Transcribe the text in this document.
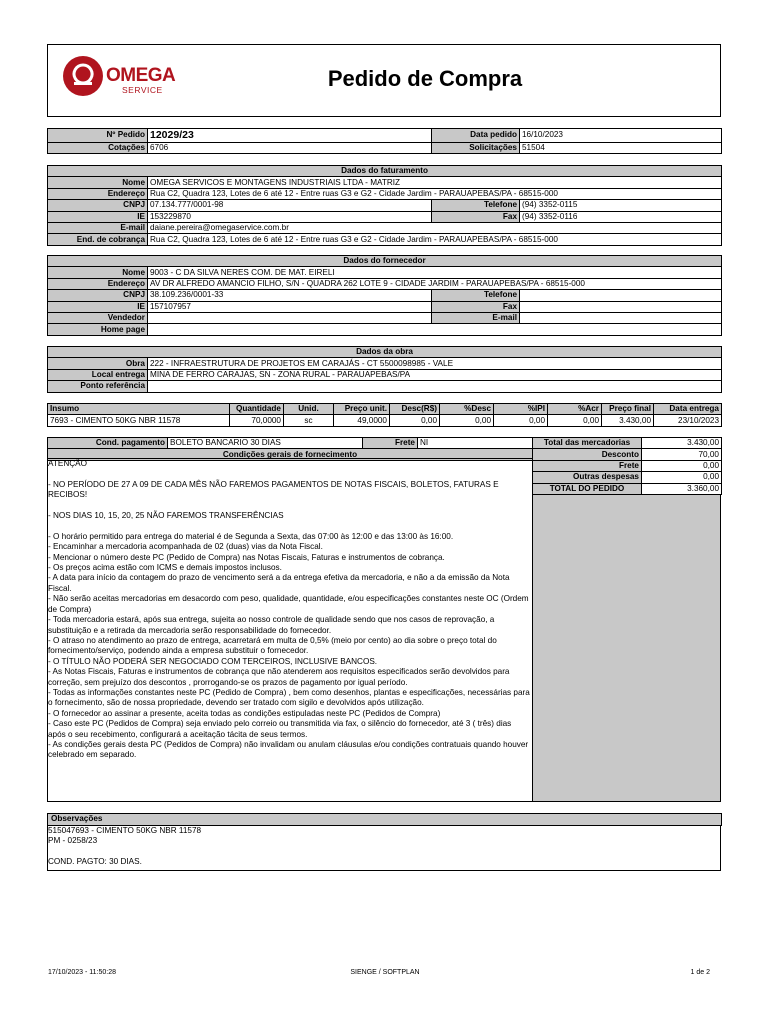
OMEGA
SERVICE	Pedido de Compra
Nº Pedido	12029/23	Data pedido	16/10/2023
Cotações	6706	Solicitações	51504
Dados do faturamento			
Nome	OMEGA SERVICOS E MONTAGENS INDUSTRIAIS LTDA - MATRIZ		
Endereço	Rua C2, Quadra 123, Lotes de 6 até 12 - Entre ruas G3 e G2 - Cidade Jardim - PARAUAPEBAS/PA - 68515-000		
CNPJ	07.134.777/0001-98	Telefone	(94) 3352-0115
IE	153229870	Fax	(94) 3352-0116
E-mail	daiane.pereira@omegaservice.com.br		
End. de cobrança	Rua C2, Quadra 123, Lotes de 6 até 12 - Entre ruas G3 e G2 - Cidade Jardim - PARAUAPEBAS/PA - 68515-000		
Dados do fornecedor			
Nome	9003 - C DA SILVA NERES COM. DE MAT. EIRELI		
Endereço	AV DR ALFREDO AMANCIO FILHO, S/N - QUADRA 262 LOTE 9 - CIDADE JARDIM - PARAUAPEBAS/PA - 68515-000		
CNPJ	38.109.236/0001-33	Telefone	
IE	157107957	Fax	
Vendedor		E-mail	
Home page			
Dados da obra	
Obra	222 - INFRAESTRUTURA DE PROJETOS EM CARAJÁS - CT 5500098985 - VALE
Local entrega	MINA DE FERRO CARAJAS, SN - ZONA RURAL - PARAUAPEBAS/PA
Ponto referência	
Insumo	Quantidade	Unid.	Preço unit.	Desc(R$)	%Desc	%IPI	%Acr	Preço final	Data entrega
7693 - CIMENTO 50KG NBR 11578	70,0000	sc	49,0000	0,00	0,00	0,00	0,00	3.430,00	23/10/2023
Cond. pagamento	BOLETO BANCARIO 30 DIAS	Frete	NI
Condições gerais de fornecimento

ATENÇÃO

- NO PERÍODO DE 27 A 09 DE CADA MÊS NÃO FAREMOS PAGAMENTOS DE NOTAS FISCAIS, BOLETOS, FATURAS E RECIBOS!

- NOS DIAS 10, 15, 20, 25 NÃO FAREMOS TRANSFERÊNCIAS

- O horário permitido para entrega do material é de Segunda a Sexta, das 07:00 às 12:00 e das 13:00 às 16:00.

- Encaminhar a mercadoria acompanhada de 02 (duas) vias da Nota Fiscal.

- Mencionar o número deste PC (Pedido de Compra) nas Notas Fiscais, Faturas e instrumentos de cobrança.

- Os preços acima estão com ICMS e demais impostos inclusos.

- A data para início da contagem do prazo de vencimento será a da entrega efetiva da mercadoria, e não a da emissão da Nota Fiscal.

- Não serão aceitas mercadorias em desacordo com peso, qualidade, quantidade, e/ou especificações constantes neste OC (Ordem de Compra)

- Toda mercadoria estará, após sua entrega, sujeita ao nosso controle de qualidade sendo que nos casos de reprovação, a substituição e a retirada da mercadoria serão responsabilidade do fornecedor.

- O atraso no atendimento ao prazo de entrega, acarretará em multa de 0,5% (meio por cento) ao dia sobre o preço total do fornecimento/serviço, podendo ainda a empresa substituir o fornecedor.

- O TÍTULO NÃO PODERÁ SER NEGOCIADO COM TERCEIROS, INCLUSIVE BANCOS.

- As Notas Fiscais, Faturas e instrumentos de cobrança que não atenderem aos requisitos especificados serão devolvidos para correção, sem prejuízo dos descontos , prorrogando-se os prazos de pagamento por igual período.

- Todas as informações constantes neste PC (Pedido de Compra) , bem como desenhos, plantas e especificações, necessárias para o fornecimento, são de nossa propriedade, devendo ser tratado com sigilo e devolvidos após utilização.

- O fornecedor ao assinar a presente, aceita todas as condições estipuladas neste PC (Pedidos de Compra)

- Caso este PC (Pedidos de Compra) seja enviado pelo correio ou transmitida via fax, o silêncio do fornecedor, até 3 ( três) dias após o seu recebimento, configurará a aceitação tácita de seus termos.

- As condições gerais desta PC (Pedidos de Compra) não invalidam ou anulam cláusulas e/ou condições contratuais quando houver celebrado em separado.

Total das mercadorias	3.430,00
Desconto	70,00
Frete	0,00
Outras despesas	0,00
TOTAL DO PEDIDO	3.360,00
Observações
515047693 - CIMENTO 50KG NBR 11578
PM - 0258/23

COND. PAGTO: 30 DIAS.
17/10/2023 - 11:50:28	SIENGE / SOFTPLAN	1 de 2
